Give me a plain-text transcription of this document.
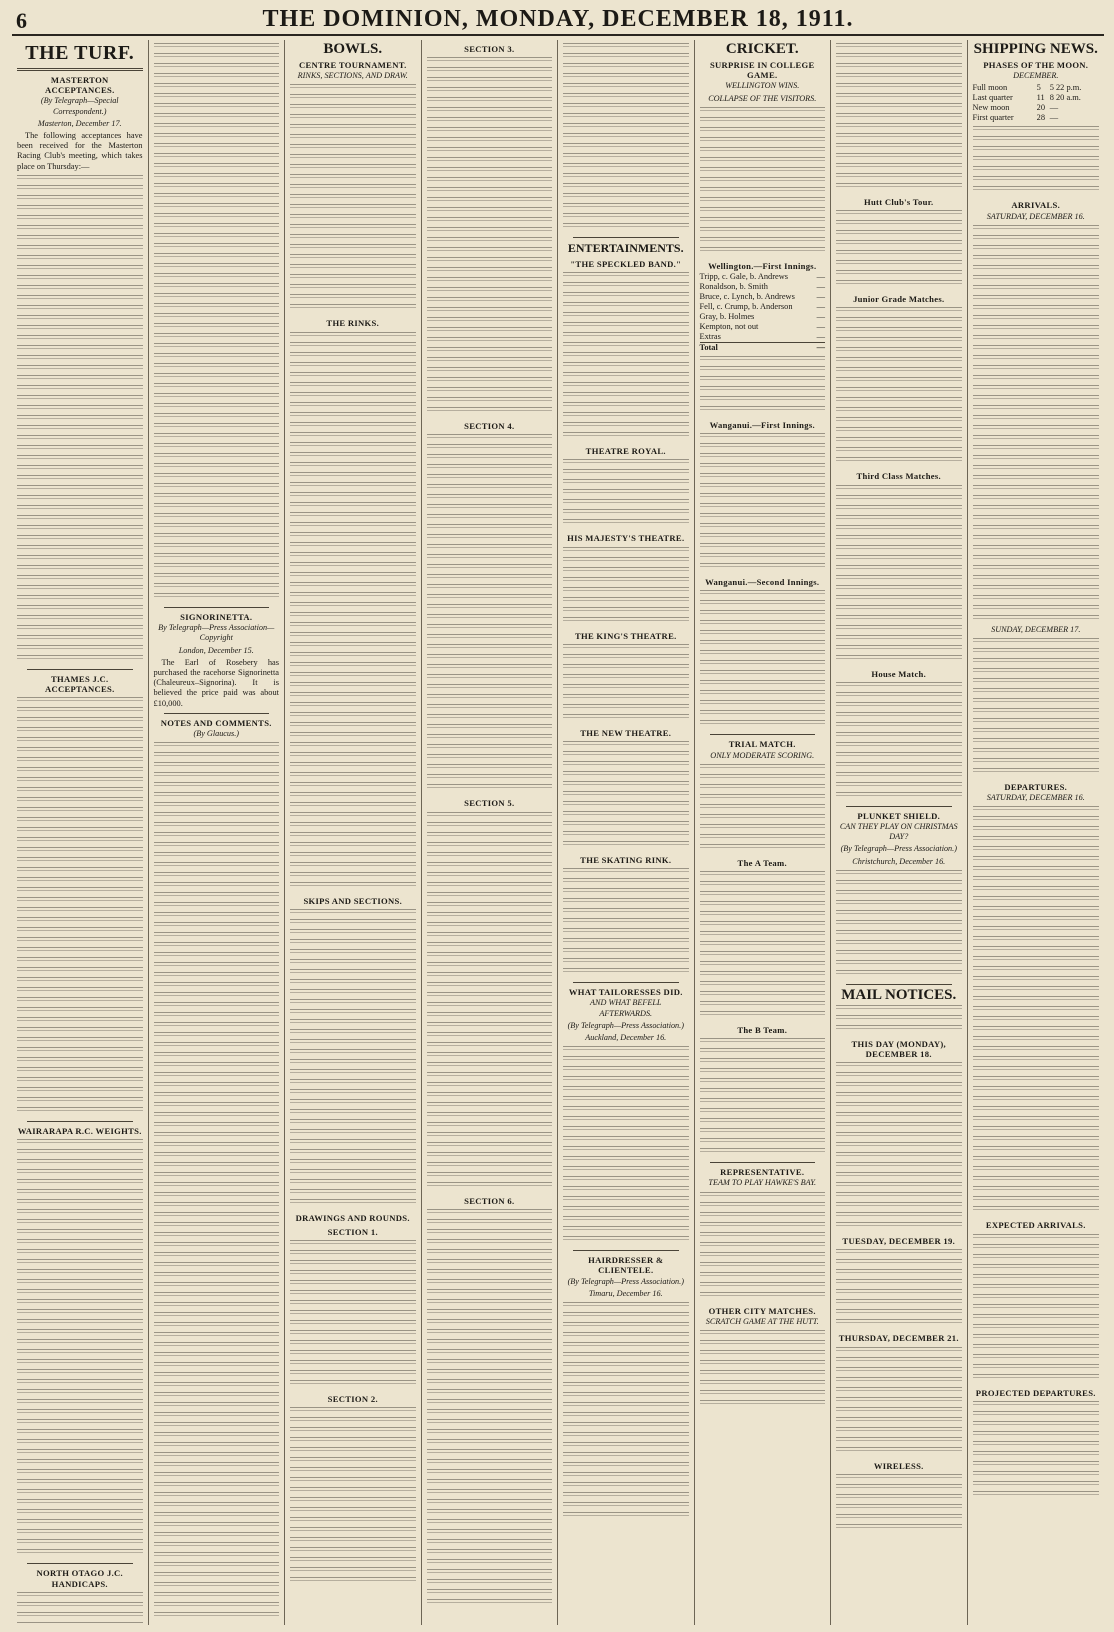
6	THE DOMINION, MONDAY, DECEMBER 18, 1911.
THE TURF.
MASTERTON ACCEPTANCES.
(By Telegraph—Special Correspondent.)
Masterton, December 17.

The following acceptances have been received for the Masterton Racing Club's meeting, which takes place on Thursday:—

THAMES J.C. ACCEPTANCES.
WAIRARAPA R.C. WEIGHTS.
NORTH OTAGO J.C. HANDICAPS.
SIGNORINETTA.
By Telegraph—Press Association—Copyright
London, December 15.

The Earl of Rosebery has purchased the racehorse Signorinetta (Chaleureux–Signorina). It is believed the price paid was about £10,000.

NOTES AND COMMENTS.
(By Glaucus.)
BOWLS.
CENTRE TOURNAMENT.
RINKS, SECTIONS, AND DRAW.
THE RINKS.
SKIPS AND SECTIONS.
DRAWINGS AND ROUNDS.
SECTION 1.
SECTION 2.
SECTION 3.
SECTION 4.
SECTION 5.
SECTION 6.
ENTERTAINMENTS.
"THE SPECKLED BAND."
THEATRE ROYAL.
HIS MAJESTY'S THEATRE.
THE KING'S THEATRE.
THE NEW THEATRE.
THE SKATING RINK.
WHAT TAILORESSES DID.
AND WHAT BEFELL AFTERWARDS.
(By Telegraph—Press Association.)
Auckland, December 16.
HAIRDRESSER & CLIENTELE.
(By Telegraph—Press Association.)
Timaru, December 16.
CRICKET.
SURPRISE IN COLLEGE GAME.
WELLINGTON WINS.
COLLAPSE OF THE VISITORS.
Wellington.—First Innings.
Tripp, c. Gale, b. Andrews	—
Ronaldson, b. Smith	—
Bruce, c. Lynch, b. Andrews	—
Fell, c. Crump, b. Anderson	—
Gray, b. Holmes	—
Kempton, not out	—
Extras	—
Total	—
Wanganui.—First Innings.
Wanganui.—Second Innings.
TRIAL MATCH.
ONLY MODERATE SCORING.
The A Team.
The B Team.
REPRESENTATIVE.
TEAM TO PLAY HAWKE'S BAY.
OTHER CITY MATCHES.
SCRATCH GAME AT THE HUTT.
Hutt Club's Tour.
Junior Grade Matches.
Third Class Matches.
House Match.
PLUNKET SHIELD.
CAN THEY PLAY ON CHRISTMAS DAY?
(By Telegraph—Press Association.)
Christchurch, December 16.
MAIL NOTICES.
THIS DAY (MONDAY), DECEMBER 18.
TUESDAY, DECEMBER 19.
THURSDAY, DECEMBER 21.
WIRELESS.
SHIPPING NEWS.
PHASES OF THE MOON.
DECEMBER.
Full moon	5	5 22 p.m.
Last quarter	11	8 20 a.m.
New moon	20	—
First quarter	28	—
ARRIVALS.
SATURDAY, DECEMBER 16.
SUNDAY, DECEMBER 17.
DEPARTURES.
SATURDAY, DECEMBER 16.
EXPECTED ARRIVALS.
PROJECTED DEPARTURES.
